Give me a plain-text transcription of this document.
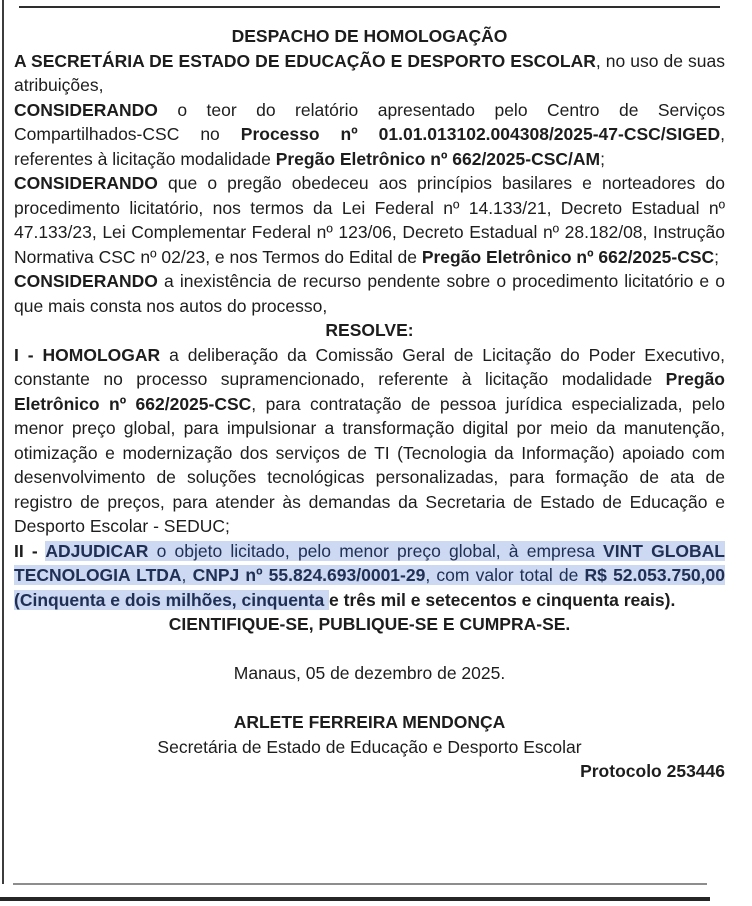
DESPACHO DE HOMOLOGAÇÃO

A SECRETÁRIA DE ESTADO DE EDUCAÇÃO E DESPORTO ESCOLAR, no uso de suas atribuições,

CONSIDERANDO o teor do relatório apresentado pelo Centro de Serviços Compartilhados-CSC no Processo nº 01.01.013102.004308/2025-47-CSC/SIGED, referentes à licitação modalidade Pregão Eletrônico nº 662/2025-CSC/AM;

CONSIDERANDO que o pregão obedeceu aos princípios basilares e norteadores do procedimento licitatório, nos termos da Lei Federal nº 14.133/21, Decreto Estadual nº 47.133/23, Lei Complementar Federal nº 123/06, Decreto Estadual nº 28.182/08, Instrução Normativa CSC nº 02/23, e nos Termos do Edital de Pregão Eletrônico nº 662/2025-CSC;

CONSIDERANDO a inexistência de recurso pendente sobre o procedimento licitatório e o que mais consta nos autos do processo,

RESOLVE:

I - HOMOLOGAR a deliberação da Comissão Geral de Licitação do Poder Executivo, constante no processo supramencionado, referente à licitação modalidade Pregão Eletrônico nº 662/2025-CSC, para contratação de pessoa jurídica especializada, pelo menor preço global, para impulsionar a transformação digital por meio da manutenção, otimização e modernização dos serviços de TI (Tecnologia da Informação) apoiado com desenvolvimento de soluções tecnológicas personalizadas, para formação de ata de registro de preços, para atender às demandas da Secretaria de Estado de Educação e Desporto Escolar - SEDUC;

II - ADJUDICAR o objeto licitado, pelo menor preço global, à empresa VINT GLOBAL TECNOLOGIA LTDA, CNPJ nº 55.824.693/0001-29, com valor total de R$ 52.053.750,00 (Cinquenta e dois milhões, cinquenta e três mil e setecentos e cinquenta reais).

CIENTIFIQUE-SE, PUBLIQUE-SE E CUMPRA-SE.

Manaus, 05 de dezembro de 2025.

ARLETE FERREIRA MENDONÇA

Secretária de Estado de Educação e Desporto Escolar

Protocolo 253446
